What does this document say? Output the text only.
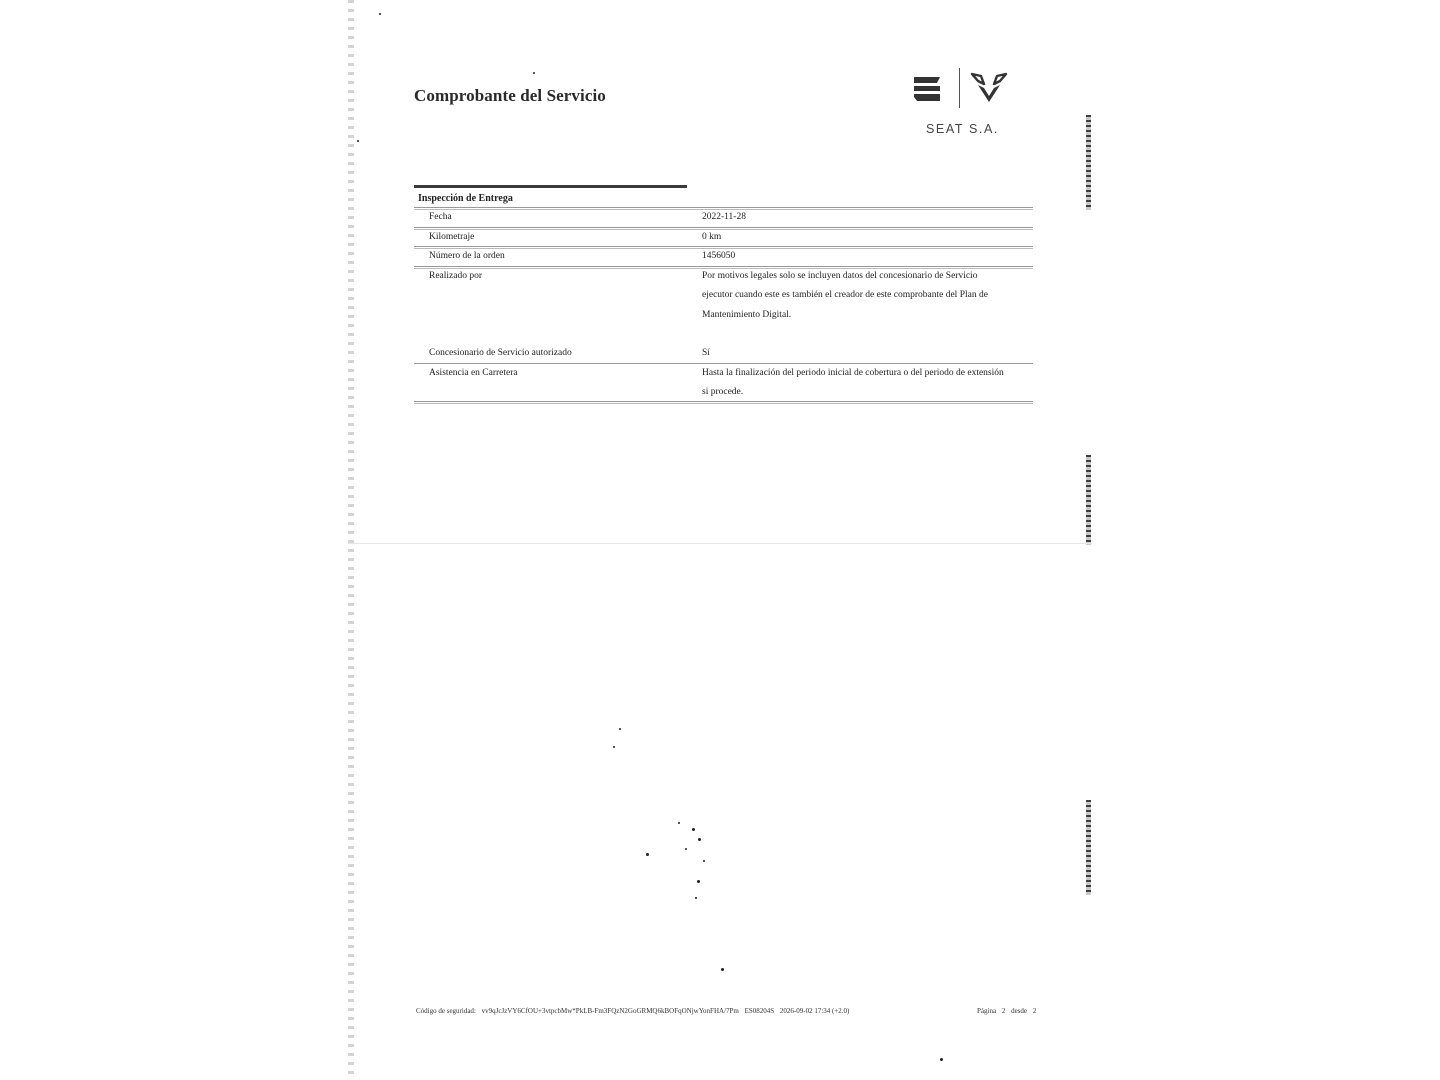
Comprobante del Servicio
SEAT S.A.
Inspección de Entrega
Fecha	2022-11-28
Kilometraje	0 km
Número de la orden	1456050
Realizado por	Por motivos legales solo se incluyen datos del concesionario de Servicio
ejecutor cuando este es también el creador de este comprobante del Plan de
Mantenimiento Digital.
Concesionario de Servicio autorizado	Sí
Asistencia en Carretera	Hasta la finalización del periodo inicial de cobertura o del periodo de extensión
si procede.
Código de seguridad: vv9qJcJzVY6CfOU+3vtpcbMw*PkLB-Fm3FQzN2GoGRMQ6kBOFqONjwYonFHA/7Pm ES08204S 2026-09-02 17:34 (+2.0)	Página 2 desde 2
